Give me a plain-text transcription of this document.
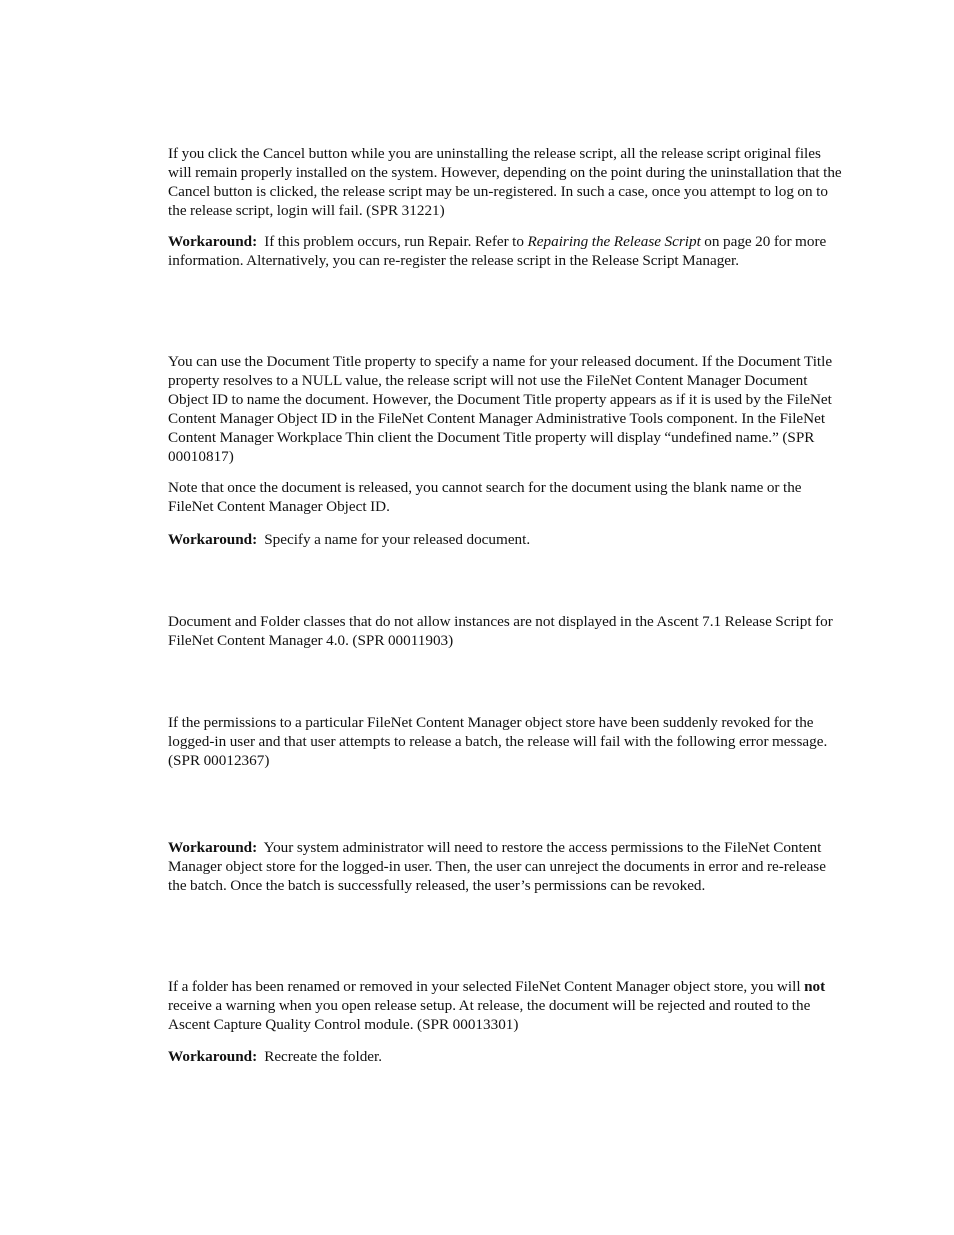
If you click the Cancel button while you are uninstalling the release script, all the release script original files will remain properly installed on the system. However, depending on the point during the uninstallation that the Cancel button is clicked, the release script may be un-registered. In such a case, once you attempt to log on to the release script, login will fail. (SPR 31221)

Workaround: If this problem occurs, run Repair. Refer to Repairing the Release Script on page 20 for more information. Alternatively, you can re-register the release script in the Release Script Manager.

You can use the Document Title property to specify a name for your released document. If the Document Title property resolves to a NULL value, the release script will not use the FileNet Content Manager Document Object ID to name the document. However, the Document Title property appears as if it is used by the FileNet Content Manager Object ID in the FileNet Content Manager Administrative Tools component. In the FileNet Content Manager Workplace Thin client the Document Title property will display “undefined name.” (SPR 00010817)

Note that once the document is released, you cannot search for the document using the blank name or the FileNet Content Manager Object ID.

Workaround: Specify a name for your released document.

Document and Folder classes that do not allow instances are not displayed in the Ascent 7.1 Release Script for FileNet Content Manager 4.0. (SPR 00011903)

If the permissions to a particular FileNet Content Manager object store have been suddenly revoked for the logged-in user and that user attempts to release a batch, the release will fail with the following error message. (SPR 00012367)

Workaround: Your system administrator will need to restore the access permissions to the FileNet Content Manager object store for the logged-in user. Then, the user can unreject the documents in error and re-release the batch. Once the batch is successfully released, the user’s permissions can be revoked.

If a folder has been renamed or removed in your selected FileNet Content Manager object store, you will not receive a warning when you open release setup. At release, the document will be rejected and routed to the Ascent Capture Quality Control module. (SPR 00013301)

Workaround: Recreate the folder.
